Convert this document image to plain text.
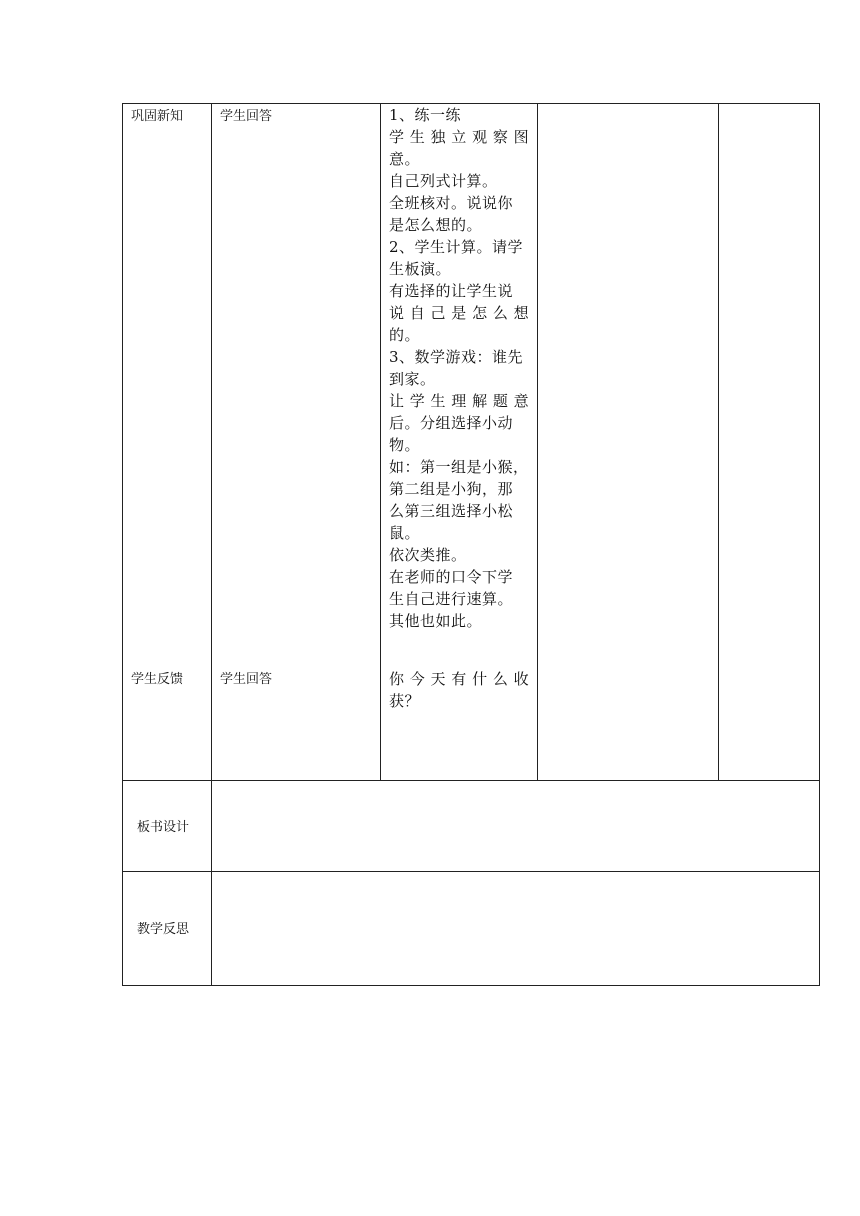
巩固新知	学生回答	1、练一练

学 生 独 立 观 察 图

意。

自己列式计算。

全班核对。说说你

是怎么想的。

2、学生计算。请学

生板演。

有选择的让学生说

说 自 己 是 怎 么 想

的。

3、数学游戏：谁先

到家。

让 学 生 理 解 题 意

后。分组选择小动

物。

如：第一组是小猴，

第二组是小狗，那

么第三组选择小松

鼠。

依次类推。

在老师的口令下学

生自己进行速算。

其他也如此。

学生反馈	学生回答	你 今 天 有 什 么 收

获？

板书设计
教学反思
